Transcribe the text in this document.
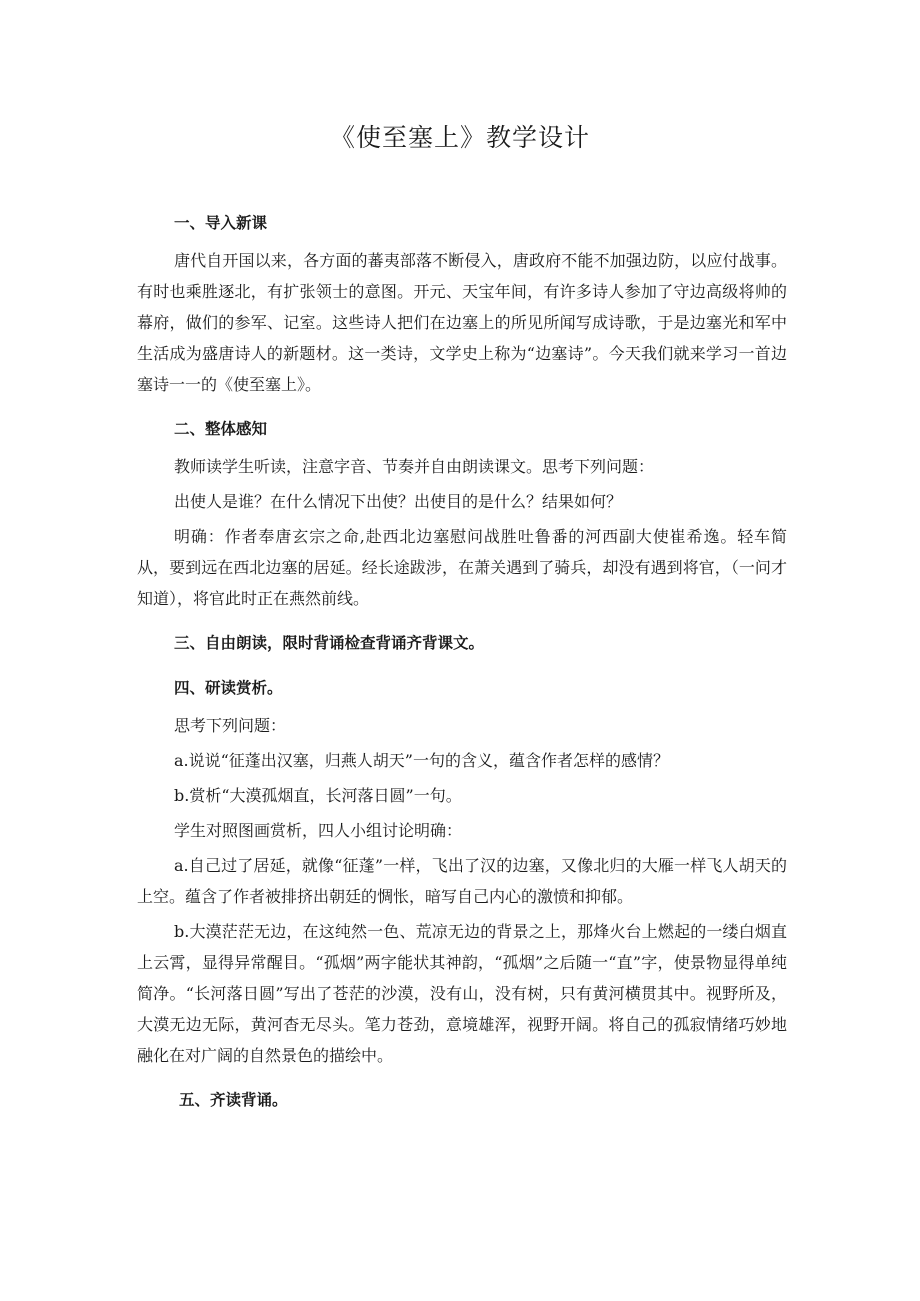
《使至塞上》教学设计

一、导入新课

唐代自开国以来，各方面的蕃夷部落不断侵入，唐政府不能不加强边防，以应付战事。有时也乘胜逐北，有扩张领士的意图。开元、天宝年间，有许多诗人参加了守边高级将帅的幕府，做们的参军、记室。这些诗人把们在边塞上的所见所闻写成诗歌，于是边塞光和军中生活成为盛唐诗人的新题材。这一类诗，文学史上称为“边塞诗”。今天我们就来学习一首边塞诗一一的《使至塞上》。

二、整体感知

教师读学生听读，注意字音、节奏并自由朗读课文。思考下列问题：

出使人是谁？在什么情况下出使？出使目的是什么？结果如何？

明确：作者奉唐玄宗之命,赴西北边塞慰问战胜吐鲁番的河西副大使崔希逸。轻车简从，要到远在西北边塞的居延。经长途跋涉，在萧关遇到了骑兵，却没有遇到将官，（一问才知道），将官此时正在燕然前线。

三、自由朗读，限时背诵检查背诵齐背课文。

四、研读赏析。

思考下列问题：

a.说说“征蓬出汉塞，归燕人胡天”一句的含义，蕴含作者怎样的感情？

b.赏析“大漠孤烟直，长河落日圆”一句。

学生对照图画赏析，四人小组讨论明确：

a.自己过了居延，就像“征蓬”一样，飞出了汉的边塞，又像北归的大雁一样飞人胡天的上空。蕴含了作者被排挤出朝廷的惆怅，暗写自己内心的激愤和抑郁。

b.大漠茫茫无边，在这纯然一色、荒凉无边的背景之上，那烽火台上燃起的一缕白烟直上云霄，显得异常醒目。“孤烟”两字能状其神韵，“孤烟”之后随一“直”字，使景物显得单纯简净。“长河落日圆”写出了苍茫的沙漠，没有山，没有树，只有黄河横贯其中。视野所及，大漠无边无际，黄河杳无尽头。笔力苍劲，意境雄浑，视野开阔。将自己的孤寂情绪巧妙地融化在对广阔的自然景色的描绘中。

五、齐读背诵。
